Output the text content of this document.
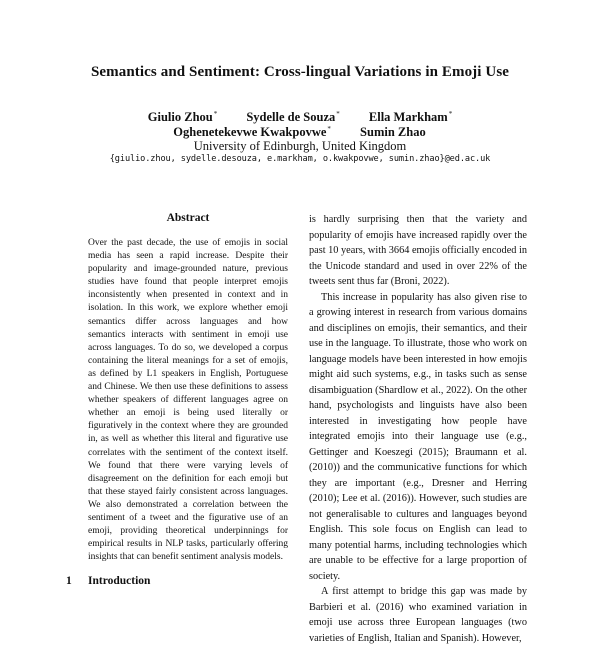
Semantics and Sentiment: Cross-lingual Variations in Emoji Use
Giulio Zhou* Sydelle de Souza* Ella Markham*
Oghenetekevwe Kwakpovwe* Sumin Zhao
University of Edinburgh, United Kingdom
{giulio.zhou, sydelle.desouza, e.markham, o.kwakpovwe, sumin.zhao}@ed.ac.uk
Abstract
Over the past decade, the use of emojis in social media has seen a rapid increase. Despite their popularity and image-grounded nature, previous studies have found that people interpret emojis inconsistently when presented in context and in isolation. In this work, we explore whether emoji semantics differ across languages and how semantics interacts with sentiment in emoji use across languages. To do so, we developed a corpus containing the literal meanings for a set of emojis, as defined by L1 speakers in English, Portuguese and Chinese. We then use these definitions to assess whether speakers of different languages agree on whether an emoji is being used literally or figuratively in the context where they are grounded in, as well as whether this literal and figurative use correlates with the sentiment of the context itself. We found that there were varying levels of disagreement on the definition for each emoji but that these stayed fairly consistent across languages. We also demonstrated a correlation between the sentiment of a tweet and the figurative use of an emoji, providing theoretical underpinnings for empirical results in NLP tasks, particularly offering insights that can benefit sentiment analysis models.
1 Introduction

is hardly surprising then that the variety and popularity of emojis have increased rapidly over the past 10 years, with 3664 emojis officially encoded in the Unicode standard and used in over 22% of the tweets sent thus far (Broni, 2022).

This increase in popularity has also given rise to a growing interest in research from various domains and disciplines on emojis, their semantics, and their use in the language. To illustrate, those who work on language models have been interested in how emojis might aid such systems, e.g., in tasks such as sense disambiguation (Shardlow et al., 2022). On the other hand, psychologists and linguists have also been interested in investigating how people have integrated emojis into their language use (e.g., Gettinger and Koeszegi (2015); Braumann et al. (2010)) and the communicative functions for which they are important (e.g., Dresner and Herring (2010); Lee et al. (2016)). However, such studies are not generalisable to cultures and languages beyond English. This sole focus on English can lead to many potential harms, including technologies which are unable to be effective for a large proportion of society.

A first attempt to bridge this gap was made by Barbieri et al. (2016) who examined variation in emoji use across three European languages (two varieties of English, Italian and Spanish). However,
